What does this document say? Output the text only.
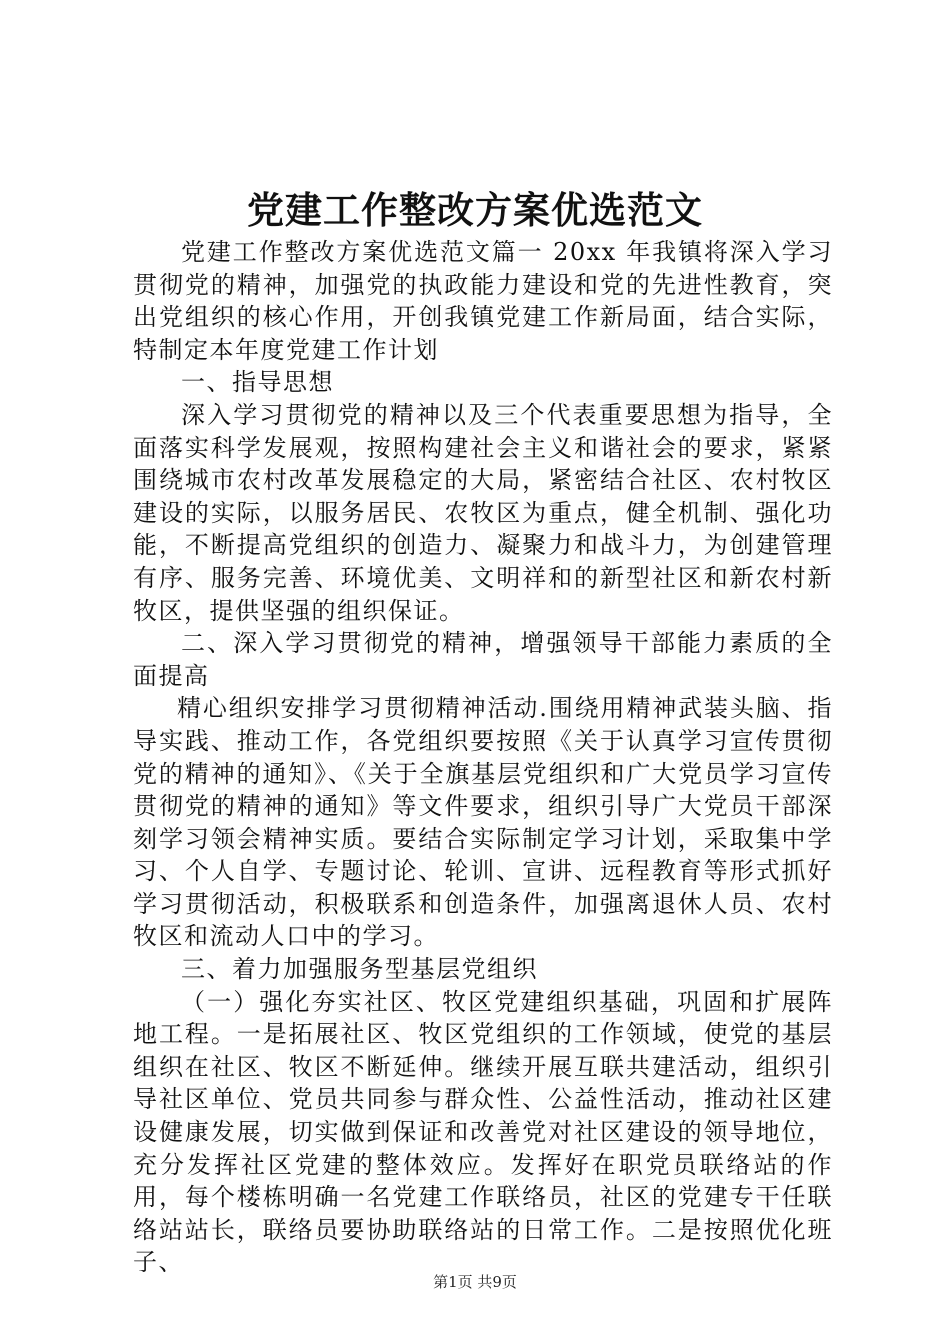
党建工作整改方案优选范文

党建工作整改方案优选范文篇一 20xx 年我镇将深入学习贯彻党的精神，加强党的执政能力建设和党的先进性教育，突出党组织的核心作用，开创我镇党建工作新局面，结合实际，特制定本年度党建工作计划

一、指导思想

深入学习贯彻党的精神以及三个代表重要思想为指导，全面落实科学发展观，按照构建社会主义和谐社会的要求，紧紧围绕城市农村改革发展稳定的大局，紧密结合社区、农村牧区建设的实际，以服务居民、农牧区为重点，健全机制、强化功能，不断提高党组织的创造力、凝聚力和战斗力，为创建管理有序、服务完善、环境优美、文明祥和的新型社区和新农村新牧区，提供坚强的组织保证。

二、深入学习贯彻党的精神，增强领导干部能力素质的全面提高

精心组织安排学习贯彻精神活动.围绕用精神武装头脑、指导实践、推动工作，各党组织要按照《关于认真学习宣传贯彻党的精神的通知》、《关于全旗基层党组织和广大党员学习宣传贯彻党的精神的通知》等文件要求，组织引导广大党员干部深刻学习领会精神实质。要结合实际制定学习计划，采取集中学习、个人自学、专题讨论、轮训、宣讲、远程教育等形式抓好学习贯彻活动，积极联系和创造条件，加强离退休人员、农村牧区和流动人口中的学习。

三、着力加强服务型基层党组织

（一）强化夯实社区、牧区党建组织基础，巩固和扩展阵地工程。一是拓展社区、牧区党组织的工作领域，使党的基层组织在社区、牧区不断延伸。继续开展互联共建活动，组织引导社区单位、党员共同参与群众性、公益性活动，推动社区建设健康发展，切实做到保证和改善党对社区建设的领导地位，充分发挥社区党建的整体效应。发挥好在职党员联络站的作用，每个楼栋明确一名党建工作联络员，社区的党建专干任联络站站长，联络员要协助联络站的日常工作。二是按照优化班子、

第1页 共9页
